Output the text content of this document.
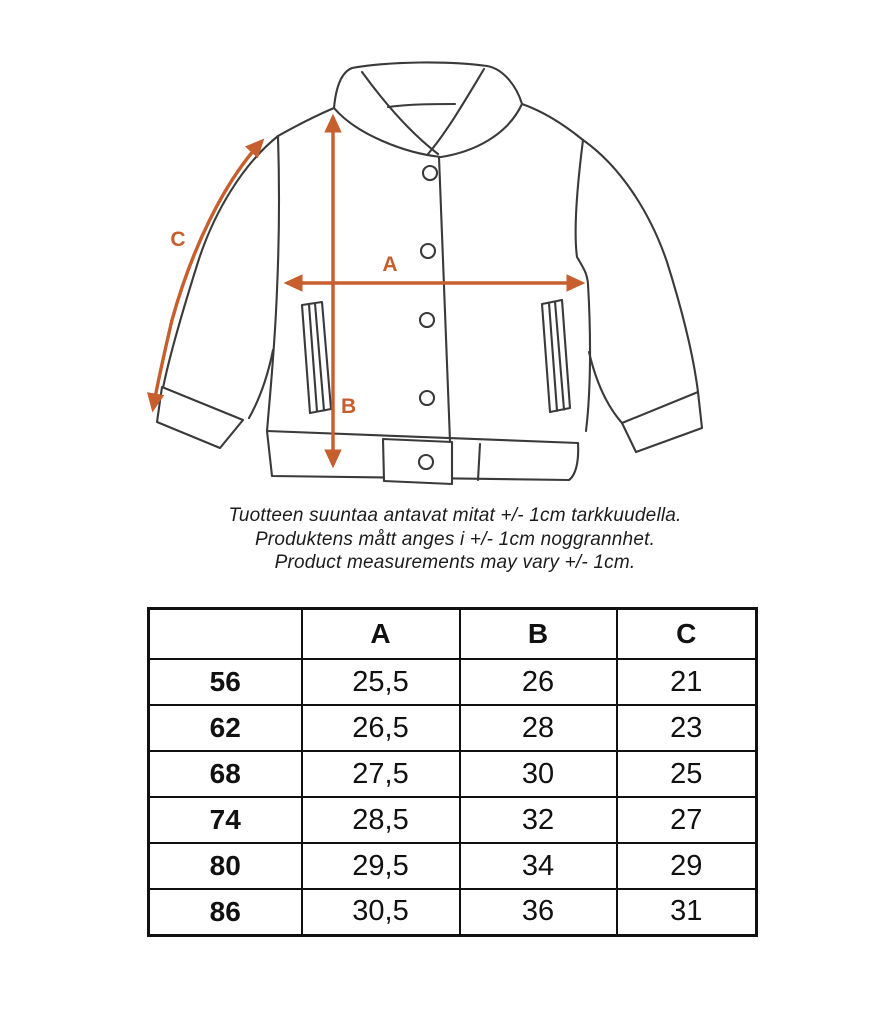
A
B
C
Tuotteen suuntaa antavat mitat +/- 1cm tarkkuudella.
Produktens mått anges i +/- 1cm noggrannhet.
Product measurements may vary +/- 1cm.
	A	B	C
56	25,5	26	21
62	26,5	28	23
68	27,5	30	25
74	28,5	32	27
80	29,5	34	29
86	30,5	36	31
